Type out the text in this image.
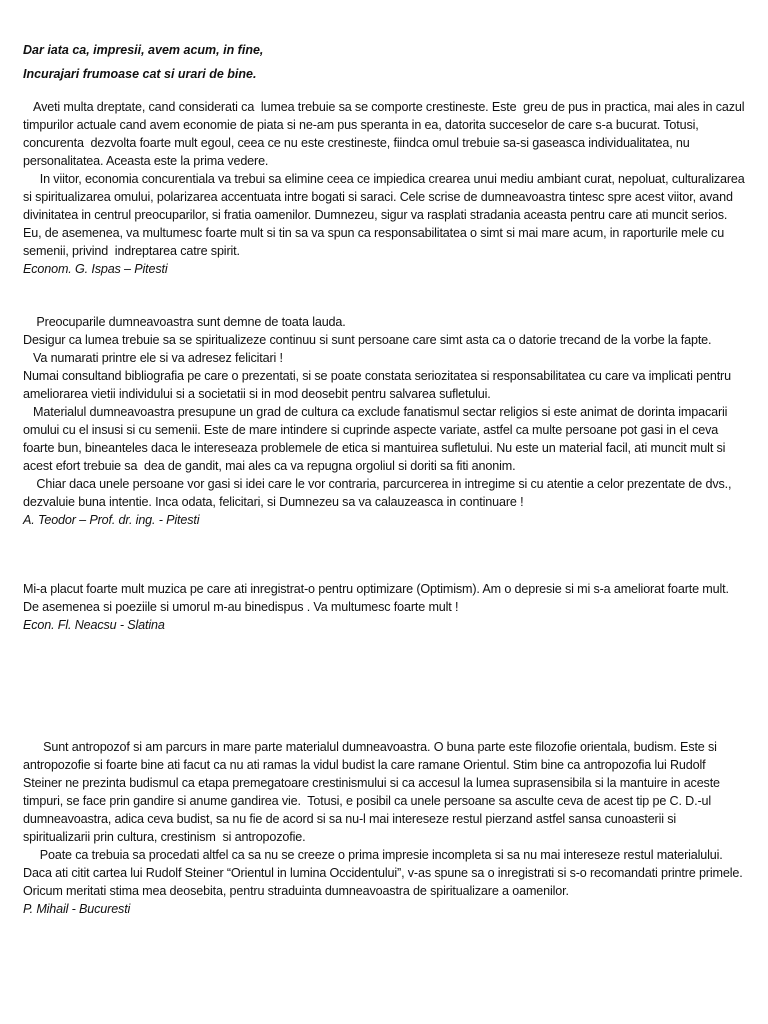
Dar iata ca, impresii, avem acum, in fine,

Incurajari frumoase cat si urari de bine.

Aveti multa dreptate, cand considerati ca  lumea trebuie sa se comporte crestineste. Este  greu de pus in practica, mai ales in cazul timpurilor actuale cand avem economie de piata si ne-am pus speranta in ea, datorita succeselor de care s-a bucurat. Totusi, concurenta  dezvolta foarte mult egoul, ceea ce nu este crestineste, fiindca omul trebuie sa-si gaseasca individualitatea, nu personalitatea. Aceasta este la prima vedere.

In viitor, economia concurentiala va trebui sa elimine ceea ce impiedica crearea unui mediu ambiant curat, nepoluat, culturalizarea si spiritualizarea omului, polarizarea accentuata intre bogati si saraci. Cele scrise de dumneavoastra tintesc spre acest viitor, avand divinitatea in centrul preocuparilor, si fratia oamenilor. Dumnezeu, sigur va rasplati stradania aceasta pentru care ati muncit serios. Eu, de asemenea, va multumesc foarte mult si tin sa va spun ca responsabilitatea o simt si mai mare acum, in raporturile mele cu semenii, privind  indreptarea catre spirit.

Econom. G. Ispas – Pitesti

Preocuparile dumneavoastra sunt demne de toata lauda.

Desigur ca lumea trebuie sa se spiritualizeze continuu si sunt persoane care simt asta ca o datorie trecand de la vorbe la fapte.

Va numarati printre ele si va adresez felicitari !

Numai consultand bibliografia pe care o prezentati, si se poate constata seriozitatea si responsabilitatea cu care va implicati pentru ameliorarea vietii individului si a societatii si in mod deosebit pentru salvarea sufletului.

Materialul dumneavoastra presupune un grad de cultura ca exclude fanatismul sectar religios si este animat de dorinta impacarii omului cu el insusi si cu semenii. Este de mare intindere si cuprinde aspecte variate, astfel ca multe persoane pot gasi in el ceva foarte bun, bineanteles daca le intereseaza problemele de etica si mantuirea sufletului. Nu este un material facil, ati muncit mult si acest efort trebuie sa  dea de gandit, mai ales ca va repugna orgoliul si doriti sa fiti anonim.

Chiar daca unele persoane vor gasi si idei care le vor contraria, parcurcerea in intregime si cu atentie a celor prezentate de dvs., dezvaluie buna intentie. Inca odata, felicitari, si Dumnezeu sa va calauzeasca in continuare !

A. Teodor – Prof. dr. ing. - Pitesti

Mi-a placut foarte mult muzica pe care ati inregistrat-o pentru optimizare (Optimism). Am o depresie si mi s-a ameliorat foarte mult. De asemenea si poeziile si umorul m-au binedispus . Va multumesc foarte mult !

Econ. Fl. Neacsu - Slatina

Sunt antropozof si am parcurs in mare parte materialul dumneavoastra. O buna parte este filozofie orientala, budism. Este si antropozofie si foarte bine ati facut ca nu ati ramas la vidul budist la care ramane Orientul. Stim bine ca antropozofia lui Rudolf Steiner ne prezinta budismul ca etapa premegatoare crestinismului si ca accesul la lumea suprasensibila si la mantuire in aceste timpuri, se face prin gandire si anume gandirea vie.  Totusi, e posibil ca unele persoane sa asculte ceva de acest tip pe C. D.-ul dumneavoastra, adica ceva budist, sa nu fie de acord si sa nu-l mai intereseze restul pierzand astfel sansa cunoasterii si spiritualizarii prin cultura, crestinism  si antropozofie.

Poate ca trebuia sa procedati altfel ca sa nu se creeze o prima impresie incompleta si sa nu mai intereseze restul materialului. Daca ati citit cartea lui Rudolf Steiner “Orientul in lumina Occidentului”, v-as spune sa o inregistrati si s-o recomandati printre primele. Oricum meritati stima mea deosebita, pentru straduinta dumneavoastra de spiritualizare a oamenilor.

P. Mihail - Bucuresti
